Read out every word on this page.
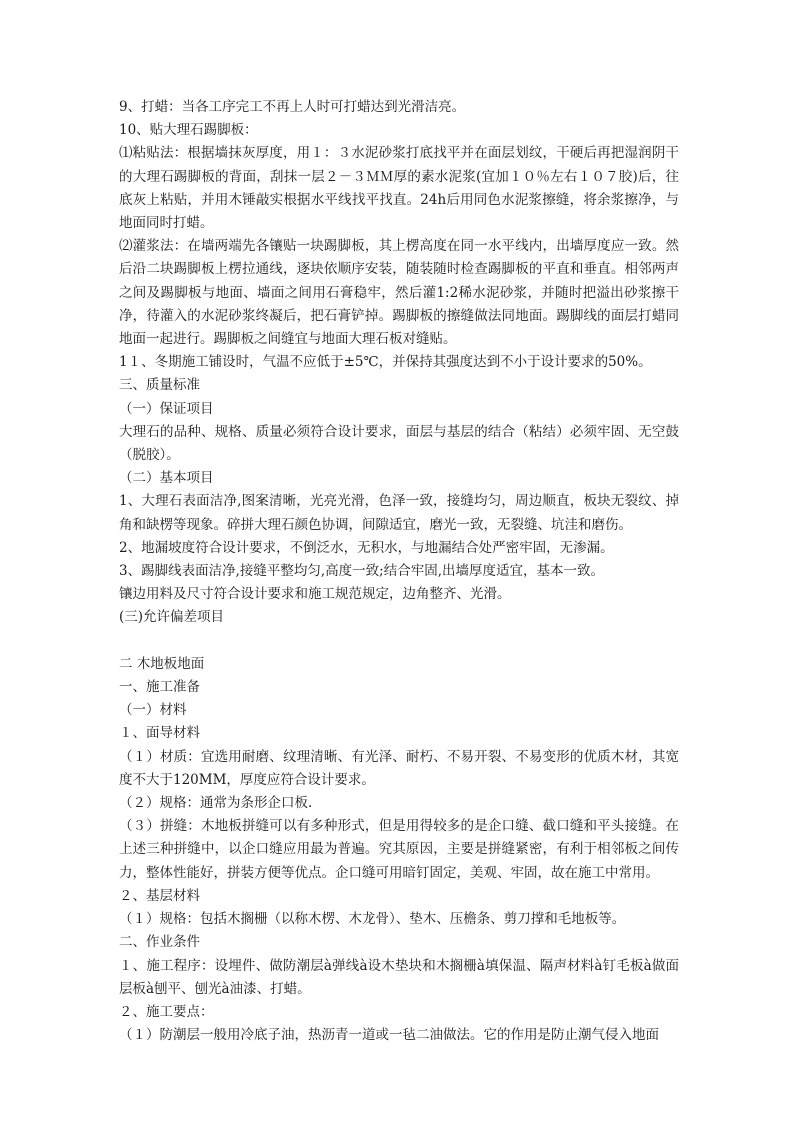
9、打蜡：当各工序完工不再上人时可打蜡达到光滑洁亮。

10、贴大理石踢脚板：

⑴粘贴法：根据墙抹灰厚度，用１：３水泥砂浆打底找平并在面层划纹，干硬后再把湿润阴干的大理石踢脚板的背面，刮抹一层２－３ＭＭ厚的素水泥浆(宜加１０％左右１０７胶)后，往底灰上粘贴，并用木锤敲实根据水平线找平找直。24h后用同色水泥浆擦缝，将余浆擦净，与地面同时打蜡。

⑵灌浆法：在墙两端先各镶贴一块踢脚板，其上楞高度在同一水平线内，出墙厚度应一致。然后沿二块踢脚板上楞拉通线，逐块依顺序安装，随装随时检查踢脚板的平直和垂直。相邻两声之间及踢脚板与地面、墙面之间用石膏稳牢，然后灌1:2稀水泥砂浆，并随时把溢出砂浆擦干净，待灌入的水泥砂浆终凝后，把石膏铲掉。踢脚板的擦缝做法同地面。踢脚线的面层打蜡同地面一起进行。踢脚板之间缝宜与地面大理石板对缝贴。

1１、冬期施工铺设时，气温不应低于±5℃，并保持其强度达到不小于设计要求的50%。

三、质量标准

（一）保证项目

大理石的品种、规格、质量必须符合设计要求，面层与基层的结合（粘结）必须牢固、无空鼓（脱胶）。

（二）基本项目

1、大理石表面洁净,图案清晰，光亮光滑，色泽一致，接缝均匀，周边顺直，板块无裂纹、掉角和缺楞等现象。碎拼大理石颜色协调，间隙适宜，磨光一致，无裂缝、坑洼和磨伤。

2、地漏坡度符合设计要求，不倒泛水，无积水，与地漏结合处严密牢固，无渗漏。

3、踢脚线表面洁净,接缝平整均匀,高度一致;结合牢固,出墙厚度适宜，基本一致。

镶边用料及尺寸符合设计要求和施工规范规定，边角整齐、光滑。

(三)允许偏差项目

二 木地板地面

一、施工准备

（一）材料

１、面导材料

（１）材质：宜选用耐磨、纹理清晰、有光泽、耐朽、不易开裂、不易变形的优质木材，其宽度不大于120MM，厚度应符合设计要求。

（２）规格：通常为条形企口板.

（３）拼缝：木地板拼缝可以有多种形式，但是用得较多的是企口缝、截口缝和平头接缝。在上述三种拼缝中，以企口缝应用最为普遍。究其原因，主要是拼缝紧密，有利于相邻板之间传力，整体性能好，拼装方便等优点。企口缝可用暗钉固定，美观、牢固，故在施工中常用。

２、基层材料

（１）规格：包括木搁栅（以称木楞、木龙骨）、垫木、压檐条、剪刀撑和毛地板等。

二、作业条件

１、施工程序：设埋件、做防潮层à弹线à设木垫块和木搁栅à填保温、隔声材料à钉毛板à做面层板à刨平、刨光à油漆、打蜡。

２、施工要点：

（１）防潮层一般用冷底子油，热沥青一道或一毡二油做法。它的作用是防止潮气侵入地面
